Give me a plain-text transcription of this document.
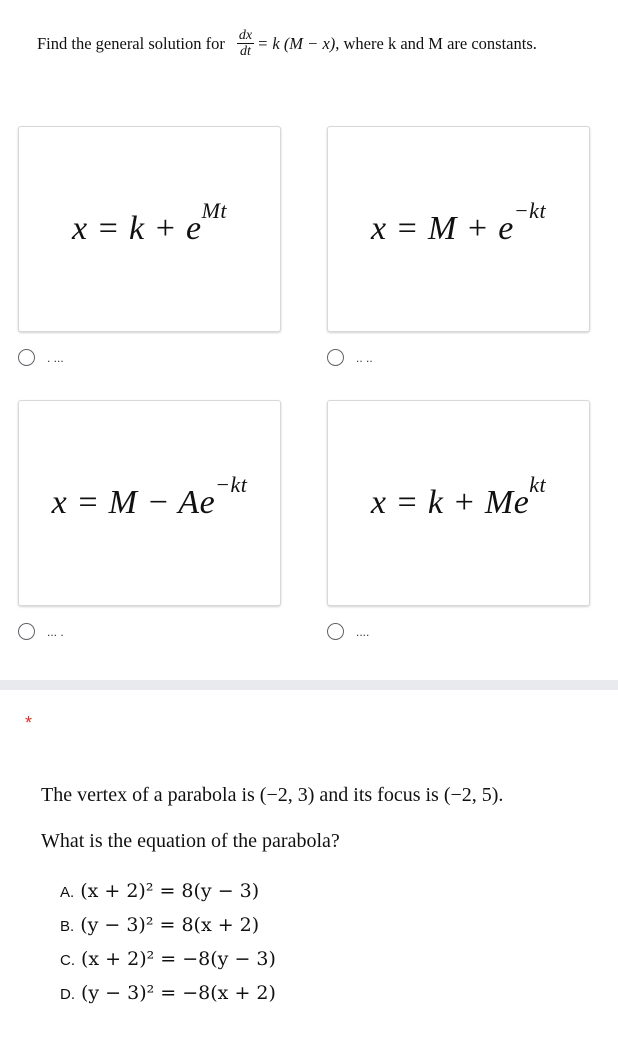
Find the general solution for $\frac{dx}{dt} = k$ (M − x) , where k and M are constants.
$x = k + e^{Mt}$	$x = M + e^{-kt}$
. ...	.. ..
$x = M - Ae^{-kt}$	$x = k + Me^{kt}$
... .	....
*
The vertex of a parabola is (−2, 3) and its focus is (−2, 5).
What is the equation of the parabola?
A. (x + 2)² = 8(y − 3)
B. (y − 3)² = 8(x + 2)
C. (x + 2)² = −8(y − 3)
D. (y − 3)² = −8(x + 2)
